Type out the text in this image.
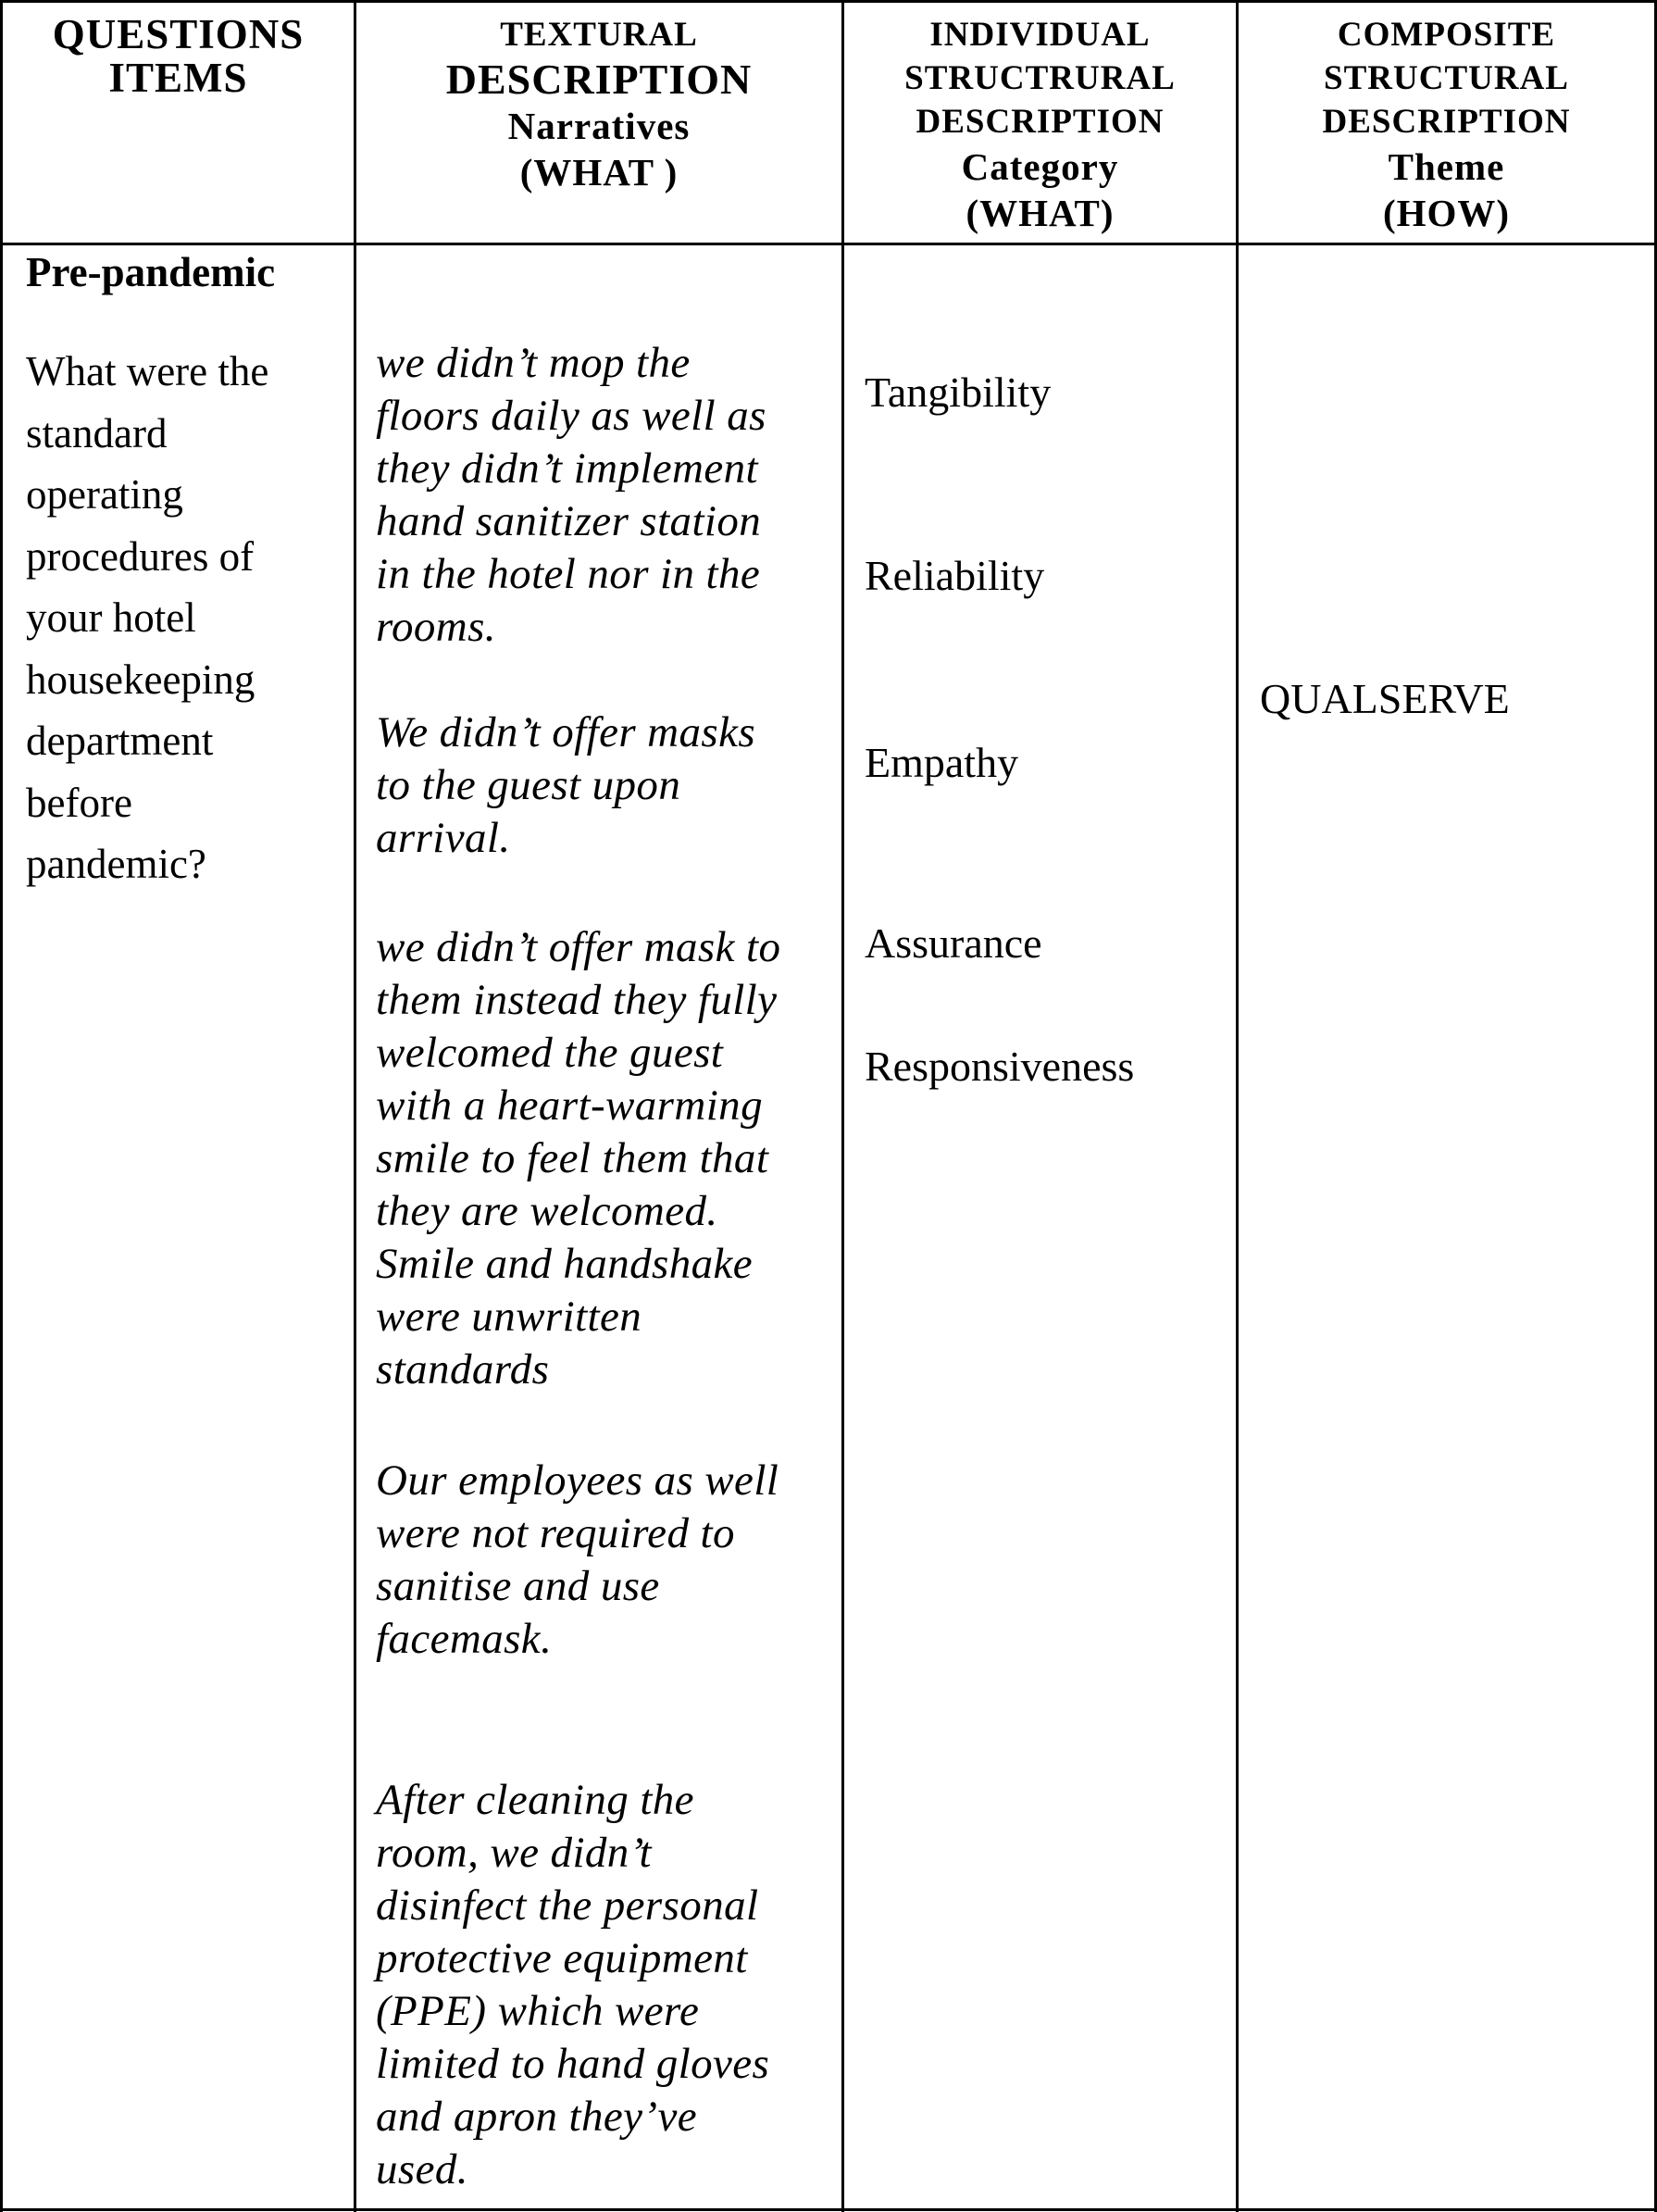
QUESTIONS
ITEMS
TEXTURAL
DESCRIPTION
Narratives
(WHAT )
INDIVIDUAL
STRUCTRURAL
DESCRIPTION
Category
(WHAT)
COMPOSITE
STRUCTURAL
DESCRIPTION
Theme
(HOW)
Pre-pandemic
What were the
standard
operating
procedures of
your hotel
housekeeping
department
before
pandemic?
we didn’t mop the
floors daily as well as
they didn’t implement
hand sanitizer station
in the hotel nor in the
rooms.
We didn’t offer masks
to the guest upon
arrival.
we didn’t offer mask to
them instead they fully
welcomed the guest
with a heart-warming
smile to feel them that
they are welcomed.
Smile and handshake
were unwritten
standards
Our employees as well
were not required to
sanitise and use
facemask.
After cleaning the
room, we didn’t
disinfect the personal
protective equipment
(PPE) which were
limited to hand gloves
and apron they’ve
used.
Tangibility
Reliability
Empathy
Assurance
Responsiveness
QUALSERVE
